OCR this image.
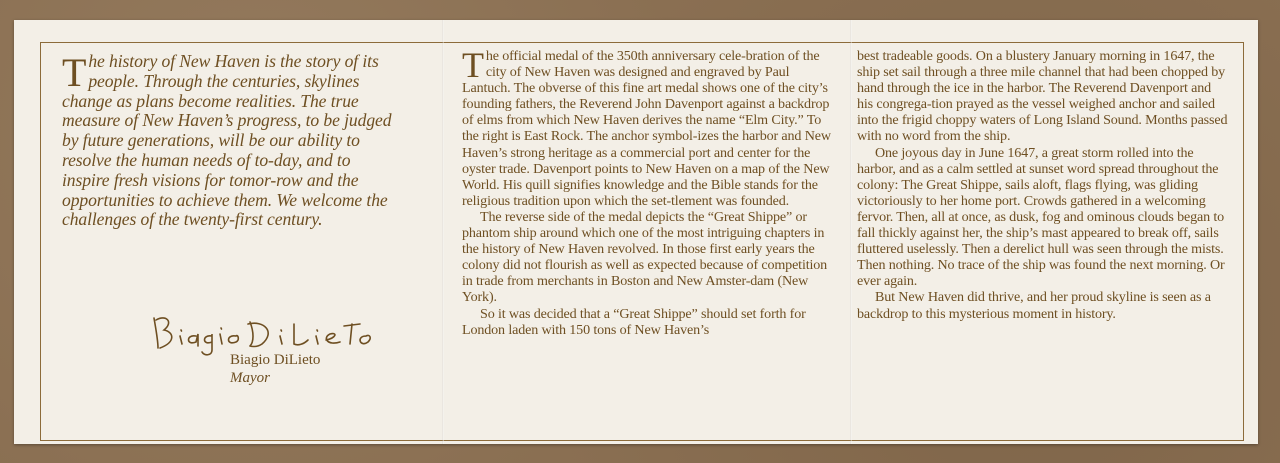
The history of New Haven is the story of its people. Through the centuries, skylines change as plans become realities. The true measure of New Haven’s progress, to be judged by future generations, will be our ability to resolve the human needs of to-day, and to inspire fresh visions for tomor-row and the opportunities to achieve them. We welcome the challenges of the twenty-first century.

Biagio DiLieto

Mayor

The official medal of the 350th anniversary cele-bration of the city of New Haven was designed and engraved by Paul Lantuch. The obverse of this fine art medal shows one of the city’s founding fathers, the Reverend John Davenport against a backdrop of elms from which New Haven derives the name “Elm City.” To the right is East Rock. The anchor symbol-izes the harbor and New Haven’s strong heritage as a commercial port and center for the oyster trade. Davenport points to New Haven on a map of the New World. His quill signifies knowledge and the Bible stands for the religious tradition upon which the set-tlement was founded.

The reverse side of the medal depicts the “Great Shippe” or phantom ship around which one of the most intriguing chapters in the history of New Haven revolved. In those first early years the colony did not flourish as well as expected because of competition in trade from merchants in Boston and New Amster-dam (New York).

So it was decided that a “Great Shippe” should set forth for London laden with 150 tons of New Haven’s

best tradeable goods. On a blustery January morning in 1647, the ship set sail through a three mile channel that had been chopped by hand through the ice in the harbor. The Reverend Davenport and his congrega-tion prayed as the vessel weighed anchor and sailed into the frigid choppy waters of Long Island Sound. Months passed with no word from the ship.

One joyous day in June 1647, a great storm rolled into the harbor, and as a calm settled at sunset word spread throughout the colony: The Great Shippe, sails aloft, flags flying, was gliding victoriously to her home port. Crowds gathered in a welcoming fervor. Then, all at once, as dusk, fog and ominous clouds began to fall thickly against her, the ship’s mast appeared to break off, sails fluttered uselessly. Then a derelict hull was seen through the mists. Then nothing. No trace of the ship was found the next morning. Or ever again.

But New Haven did thrive, and her proud skyline is seen as a backdrop to this mysterious moment in history.
